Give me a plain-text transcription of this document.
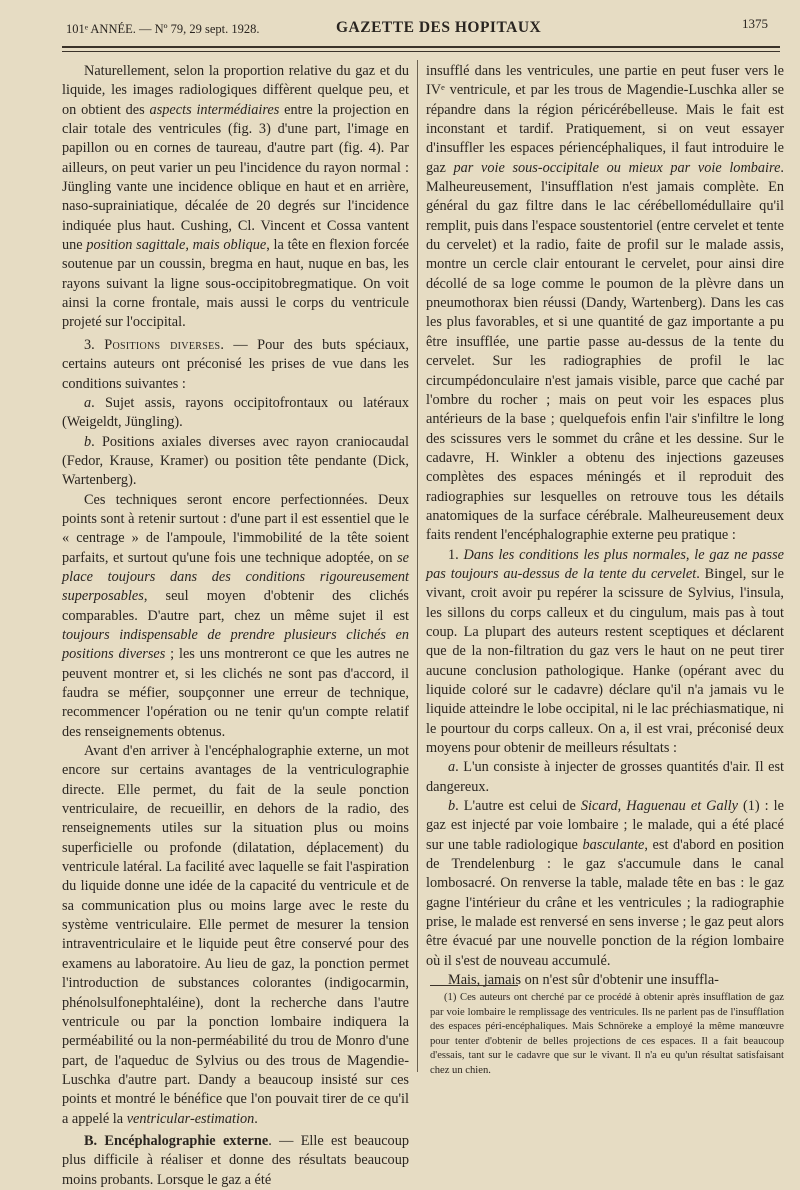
101ᵉ ANNÉE. — Nº 79, 29 sept. 1928.	GAZETTE DES HOPITAUX	1375

Naturellement, selon la proportion relative du gaz et du liquide, les images radiologiques diffèrent quelque peu, et on obtient des aspects intermédiaires entre la projection en clair totale des ventricules (fig. 3) d'une part, l'image en papillon ou en cornes de taureau, d'autre part (fig. 4). Par ailleurs, on peut varier un peu l'incidence du rayon normal : Jüngling vante une incidence oblique en haut et en arrière, naso-suprainiatique, décalée de 20 degrés sur l'incidence indiquée plus haut. Cushing, Cl. Vincent et Cossa vantent une position sagittale, mais oblique, la tête en flexion forcée soutenue par un coussin, bregma en haut, nuque en bas, les rayons suivant la ligne sous-occipitobregmatique. On voit ainsi la corne frontale, mais aussi le corps du ventricule projeté sur l'occipital.

3. Positions diverses. — Pour des buts spéciaux, certains auteurs ont préconisé les prises de vue dans les conditions suivantes :

a. Sujet assis, rayons occipitofrontaux ou latéraux (Weigeldt, Jüngling).

b. Positions axiales diverses avec rayon craniocaudal (Fedor, Krause, Kramer) ou position tête pendante (Dick, Wartenberg).

Ces techniques seront encore perfectionnées. Deux points sont à retenir surtout : d'une part il est essentiel que le « centrage » de l'ampoule, l'immobilité de la tête soient parfaits, et surtout qu'une fois une technique adoptée, on se place toujours dans des conditions rigoureusement superposables, seul moyen d'obtenir des clichés comparables. D'autre part, chez un même sujet il est toujours indispensable de prendre plusieurs clichés en positions diverses ; les uns montreront ce que les autres ne peuvent montrer et, si les clichés ne sont pas d'accord, il faudra se méfier, soupçonner une erreur de technique, recommencer l'opération ou ne tenir qu'un compte relatif des renseignements obtenus.

Avant d'en arriver à l'encéphalographie externe, un mot encore sur certains avantages de la ventriculographie directe. Elle permet, du fait de la seule ponction ventriculaire, de recueillir, en dehors de la radio, des renseignements utiles sur la situation plus ou moins superficielle ou profonde (dilatation, déplacement) du ventricule latéral. La facilité avec laquelle se fait l'aspiration du liquide donne une idée de la capacité du ventricule et de sa communication plus ou moins large avec le reste du système ventriculaire. Elle permet de mesurer la tension intraventriculaire et le liquide peut être conservé pour des examens au laboratoire. Au lieu de gaz, la ponction permet l'introduction de substances colorantes (indigocarmin, phénolsulfonephtaléine), dont la recherche dans l'autre ventricule ou par la ponction lombaire indiquera la perméabilité ou la non-perméabilité du trou de Monro d'une part, de l'aqueduc de Sylvius ou des trous de Magendie-Luschka d'autre part. Dandy a beaucoup insisté sur ces points et montré le bénéfice que l'on pouvait tirer de ce qu'il a appelé la ventricular-estimation.

B. Encéphalographie externe. — Elle est beaucoup plus difficile à réaliser et donne des résultats beaucoup moins probants. Lorsque le gaz a été

insufflé dans les ventricules, une partie en peut fuser vers le IVᵉ ventricule, et par les trous de Magendie-Luschka aller se répandre dans la région péricérébelleuse. Mais le fait est inconstant et tardif. Pratiquement, si on veut essayer d'insuffler les espaces périencéphaliques, il faut introduire le gaz par voie sous-occipitale ou mieux par voie lombaire. Malheureusement, l'insufflation n'est jamais complète. En général du gaz filtre dans le lac cérébellomédullaire qu'il remplit, puis dans l'espace soustentoriel (entre cervelet et tente du cervelet) et la radio, faite de profil sur le malade assis, montre un cercle clair entourant le cervelet, pour ainsi dire décollé de sa loge comme le poumon de la plèvre dans un pneumothorax bien réussi (Dandy, Wartenberg). Dans les cas les plus favorables, et si une quantité de gaz importante a pu être insufflée, une partie passe au-dessus de la tente du cervelet. Sur les radiographies de profil le lac circumpédonculaire n'est jamais visible, parce que caché par l'ombre du rocher ; mais on peut voir les espaces plus antérieurs de la base ; quelquefois enfin l'air s'infiltre le long des scissures vers le sommet du crâne et les dessine. Sur le cadavre, H. Winkler a obtenu des injections gazeuses complètes des espaces méningés et il reproduit des radiographies sur lesquelles on retrouve tous les détails anatomiques de la surface cérébrale. Malheureusement deux faits rendent l'encéphalographie externe peu pratique :

1. Dans les conditions les plus normales, le gaz ne passe pas toujours au-dessus de la tente du cervelet. Bingel, sur le vivant, croit avoir pu repérer la scissure de Sylvius, l'insula, les sillons du corps calleux et du cingulum, mais pas à tout coup. La plupart des auteurs restent sceptiques et déclarent que de la non-filtration du gaz vers le haut on ne peut tirer aucune conclusion pathologique. Hanke (opérant avec du liquide coloré sur le cadavre) déclare qu'il n'a jamais vu le liquide atteindre le lobe occipital, ni le lac préchiasmatique, ni le pourtour du corps calleux. On a, il est vrai, préconisé deux moyens pour obtenir de meilleurs résultats :

a. L'un consiste à injecter de grosses quantités d'air. Il est dangereux.

b. L'autre est celui de Sicard, Haguenau et Gally (1) : le gaz est injecté par voie lombaire ; le malade, qui a été placé sur une table radiologique basculante, est d'abord en position de Trendelenburg : le gaz s'accumule dans le canal lombosacré. On renverse la table, malade tête en bas : le gaz gagne l'intérieur du crâne et les ventricules ; la radiographie prise, le malade est renversé en sens inverse ; le gaz peut alors être évacué par une nouvelle ponction de la région lombaire où il s'est de nouveau accumulé.

Mais, jamais on n'est sûr d'obtenir une insuffla-

(1) Ces auteurs ont cherché par ce procédé à obtenir après insufflation de gaz par voie lombaire le remplissage des ventricules. Ils ne parlent pas de l'insufflation des espaces péri-encéphaliques. Mais Schnöreke a employé la même manœuvre pour tenter d'obtenir de belles projections de ces espaces. Il a fait beaucoup d'essais, tant sur le cadavre que sur le vivant. Il n'a eu qu'un résultat satisfaisant chez un chien.
